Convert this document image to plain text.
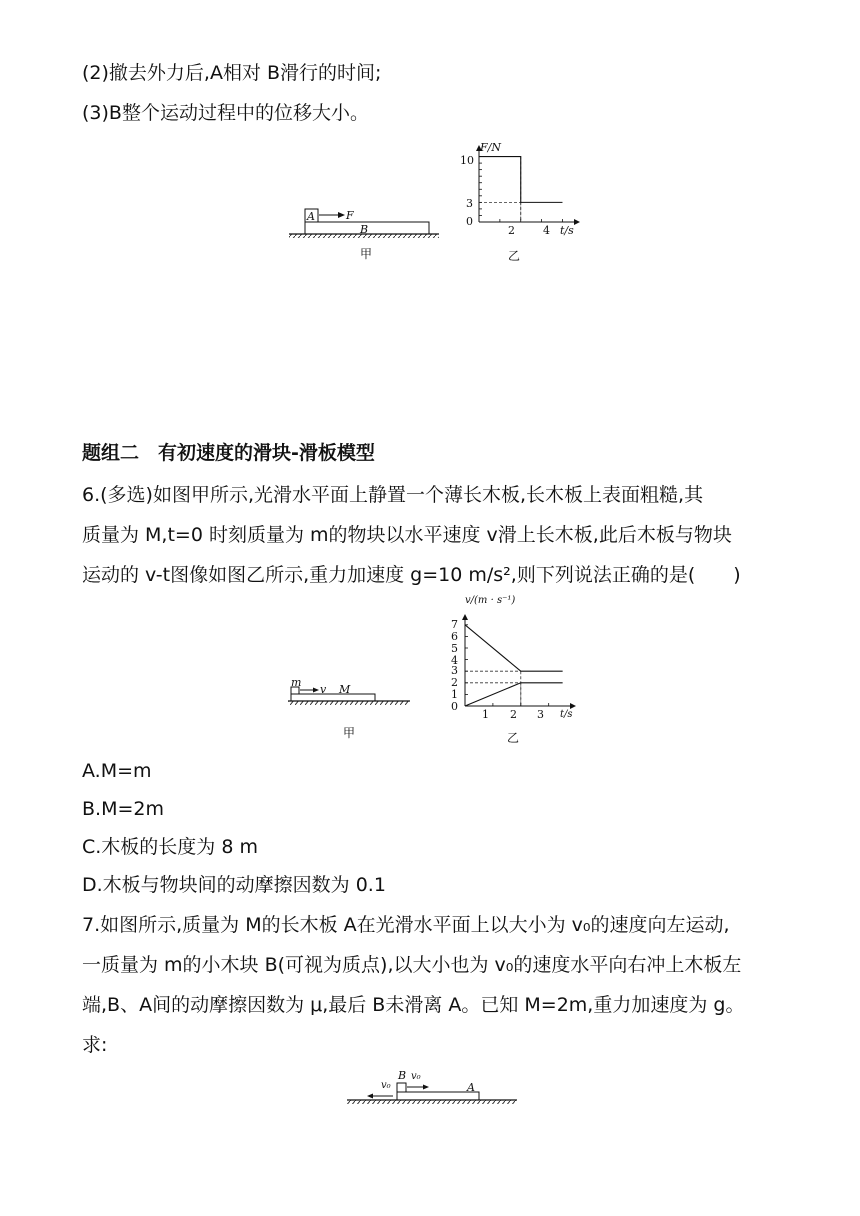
(2)撤去外力后,A相对 B滑行的时间;
(3)B整个运动过程中的位移大小。
A	F
B
甲
F/N
t/s
10
3
0
2	4
乙
题组二　有初速度的滑块-滑板模型
6.(多选)如图甲所示,光滑水平面上静置一个薄长木板,长木板上表面粗糙,其
质量为 M,t=0 时刻质量为 m的物块以水平速度 v滑上长木板,此后木板与物块
运动的 v-t图像如图乙所示,重力加速度 g=10 m/s²,则下列说法正确的是(　　)
m
v M
甲
v/(m · s⁻¹)
t/s
7
6
5
4
3
2
1
0
1 2 3
乙
A.M=m
B.M=2m
C.木板的长度为 8 m
D.木板与物块间的动摩擦因数为 0.1
7.如图所示,质量为 M的长木板 A在光滑水平面上以大小为 v₀的速度向左运动,
一质量为 m的小木块 B(可视为质点),以大小也为 v₀的速度水平向右冲上木板左
端,B、A间的动摩擦因数为 μ,最后 B未滑离 A。已知 M=2m,重力加速度为 g。
求:
v₀
B v₀
A
